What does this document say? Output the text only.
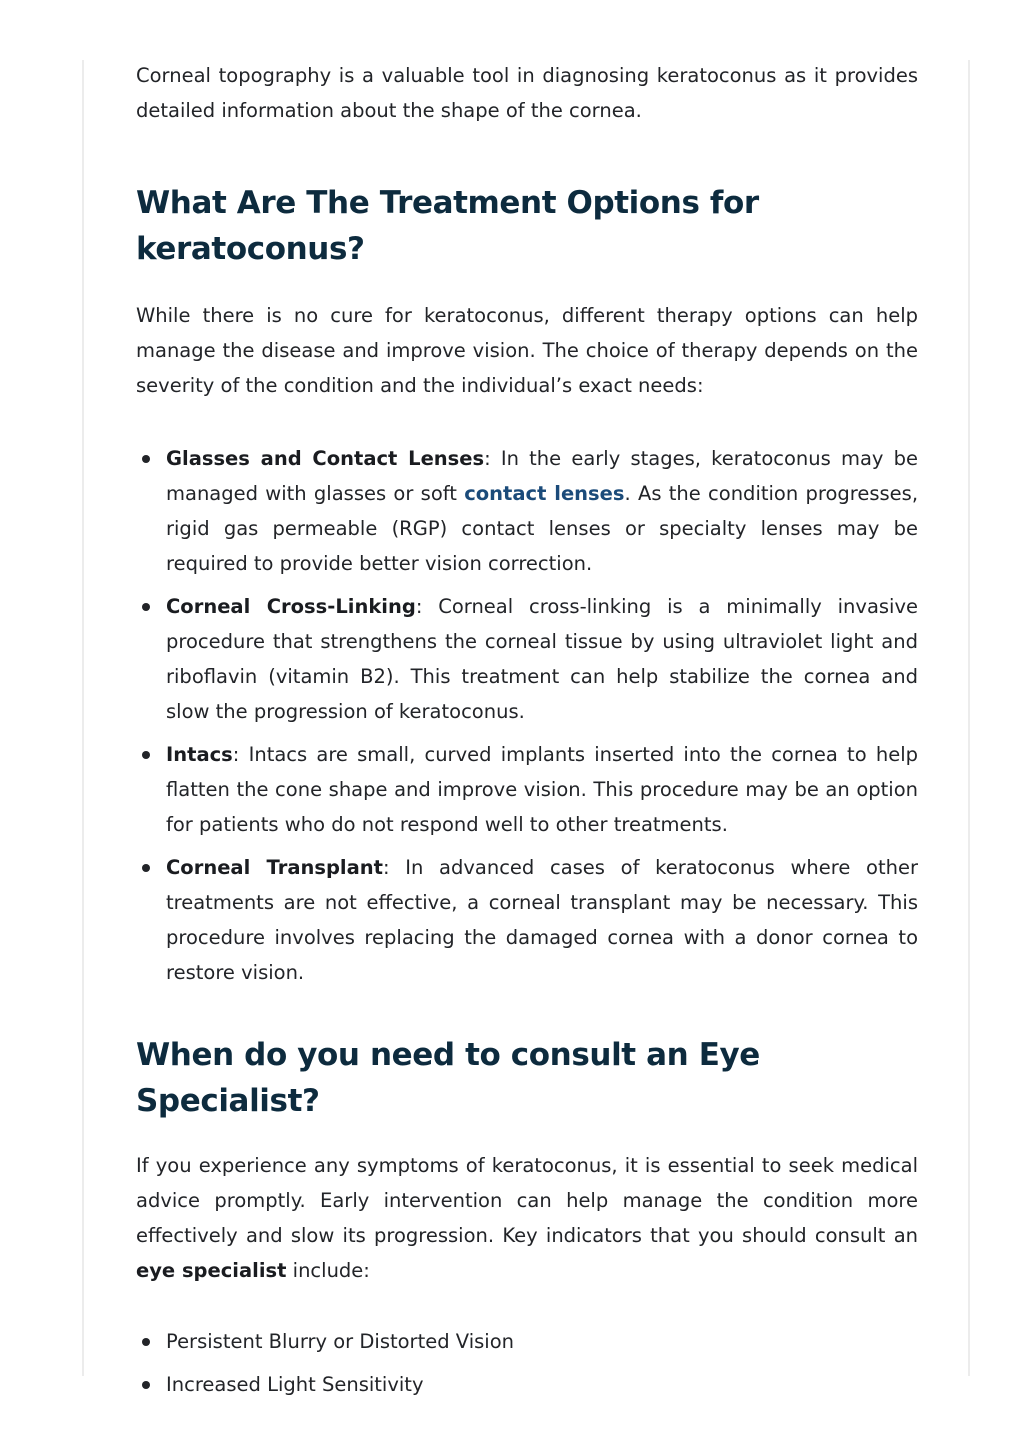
Corneal topography is a valuable tool in diagnosing keratoconus as it provides detailed information about the shape of the cornea.

What Are The Treatment Options for keratoconus?

While there is no cure for keratoconus, different therapy options can help manage the disease and improve vision. The choice of therapy depends on the severity of the condition and the individual’s exact needs:

Glasses and Contact Lenses: In the early stages, keratoconus may be managed with glasses or soft contact lenses. As the condition progresses, rigid gas permeable (RGP) contact lenses or specialty lenses may be required to provide better vision correction.
Corneal Cross-Linking: Corneal cross-linking is a minimally invasive procedure that strengthens the corneal tissue by using ultraviolet light and riboflavin (vitamin B2). This treatment can help stabilize the cornea and slow the progression of keratoconus.
Intacs: Intacs are small, curved implants inserted into the cornea to help flatten the cone shape and improve vision. This procedure may be an option for patients who do not respond well to other treatments.
Corneal Transplant: In advanced cases of keratoconus where other treatments are not effective, a corneal transplant may be necessary. This procedure involves replacing the damaged cornea with a donor cornea to restore vision.
When do you need to consult an Eye Specialist?

If you experience any symptoms of keratoconus, it is essential to seek medical advice promptly. Early intervention can help manage the condition more effectively and slow its progression. Key indicators that you should consult an eye specialist include:

Persistent Blurry or Distorted Vision
Increased Light Sensitivity
